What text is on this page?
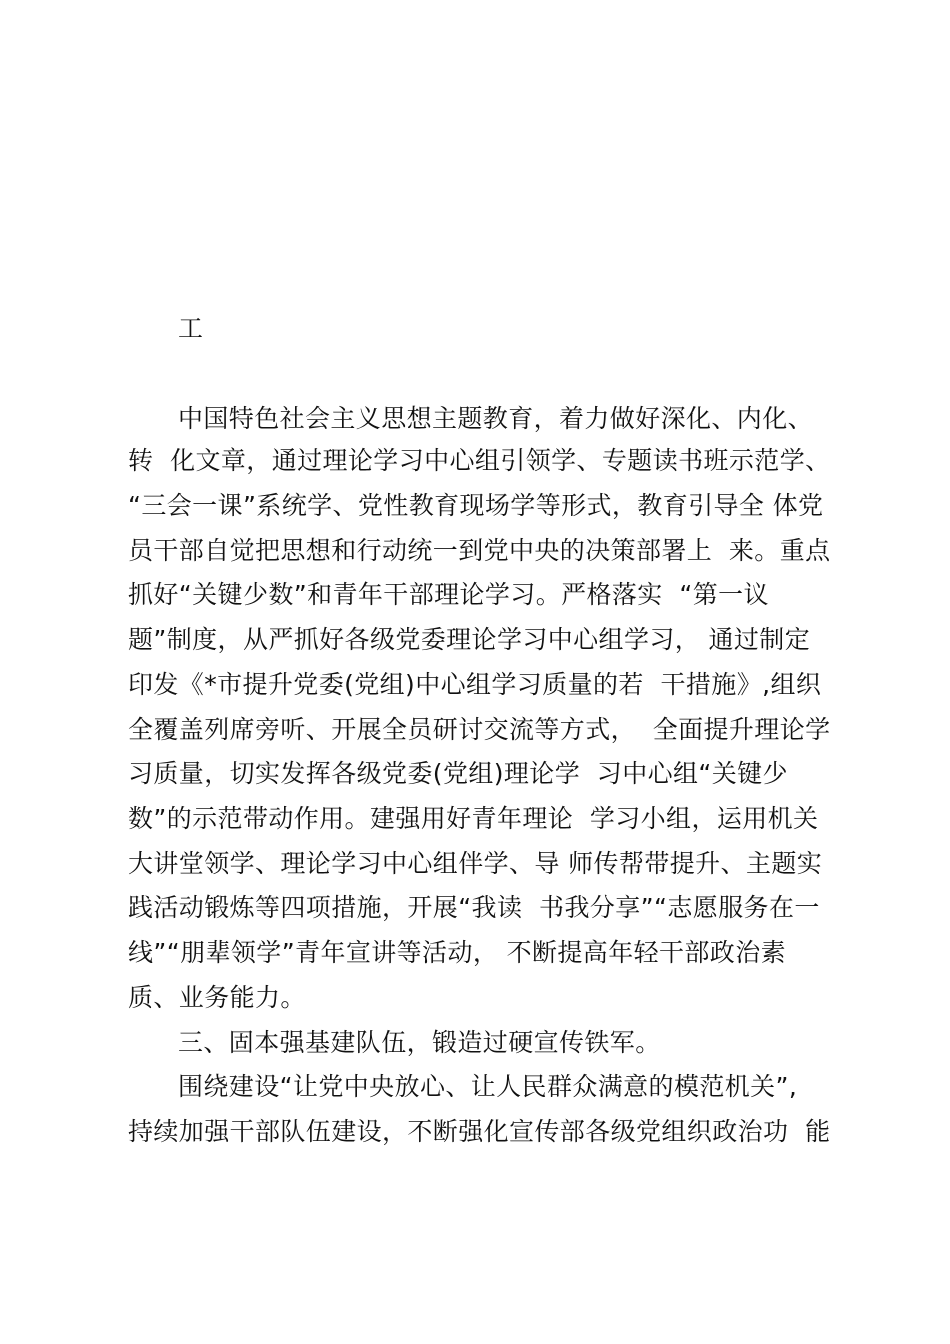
工
中国特色社会主义思想主题教育，着力做好深化、内化、
转  化文章，通过理论学习中心组引领学、专题读书班示范学、
“三会一课”系统学、党性教育现场学等形式，教育引导全 体党
员干部自觉把思想和行动统一到党中央的决策部署上  来。重点
抓好“关键少数”和青年干部理论学习。严格落实  “第一议
题”制度，从严抓好各级党委理论学习中心组学习， 通过制定
印发《*市提升党委(党组)中心组学习质量的若  干措施》,组织
全覆盖列席旁听、开展全员研讨交流等方式，  全面提升理论学
习质量，切实发挥各级党委(党组)理论学  习中心组“关键少
数”的示范带动作用。建强用好青年理论  学习小组，运用机关
大讲堂领学、理论学习中心组伴学、导 师传帮带提升、主题实
践活动锻炼等四项措施，开展“我读  书我分享”“志愿服务在一
线”“朋辈领学”青年宣讲等活动， 不断提高年轻干部政治素
质、业务能力。
三、固本强基建队伍，锻造过硬宣传铁军。
围绕建设“让党中央放心、让人民群众满意的模范机关”,
持续加强干部队伍建设，不断强化宣传部各级党组织政治功  能
